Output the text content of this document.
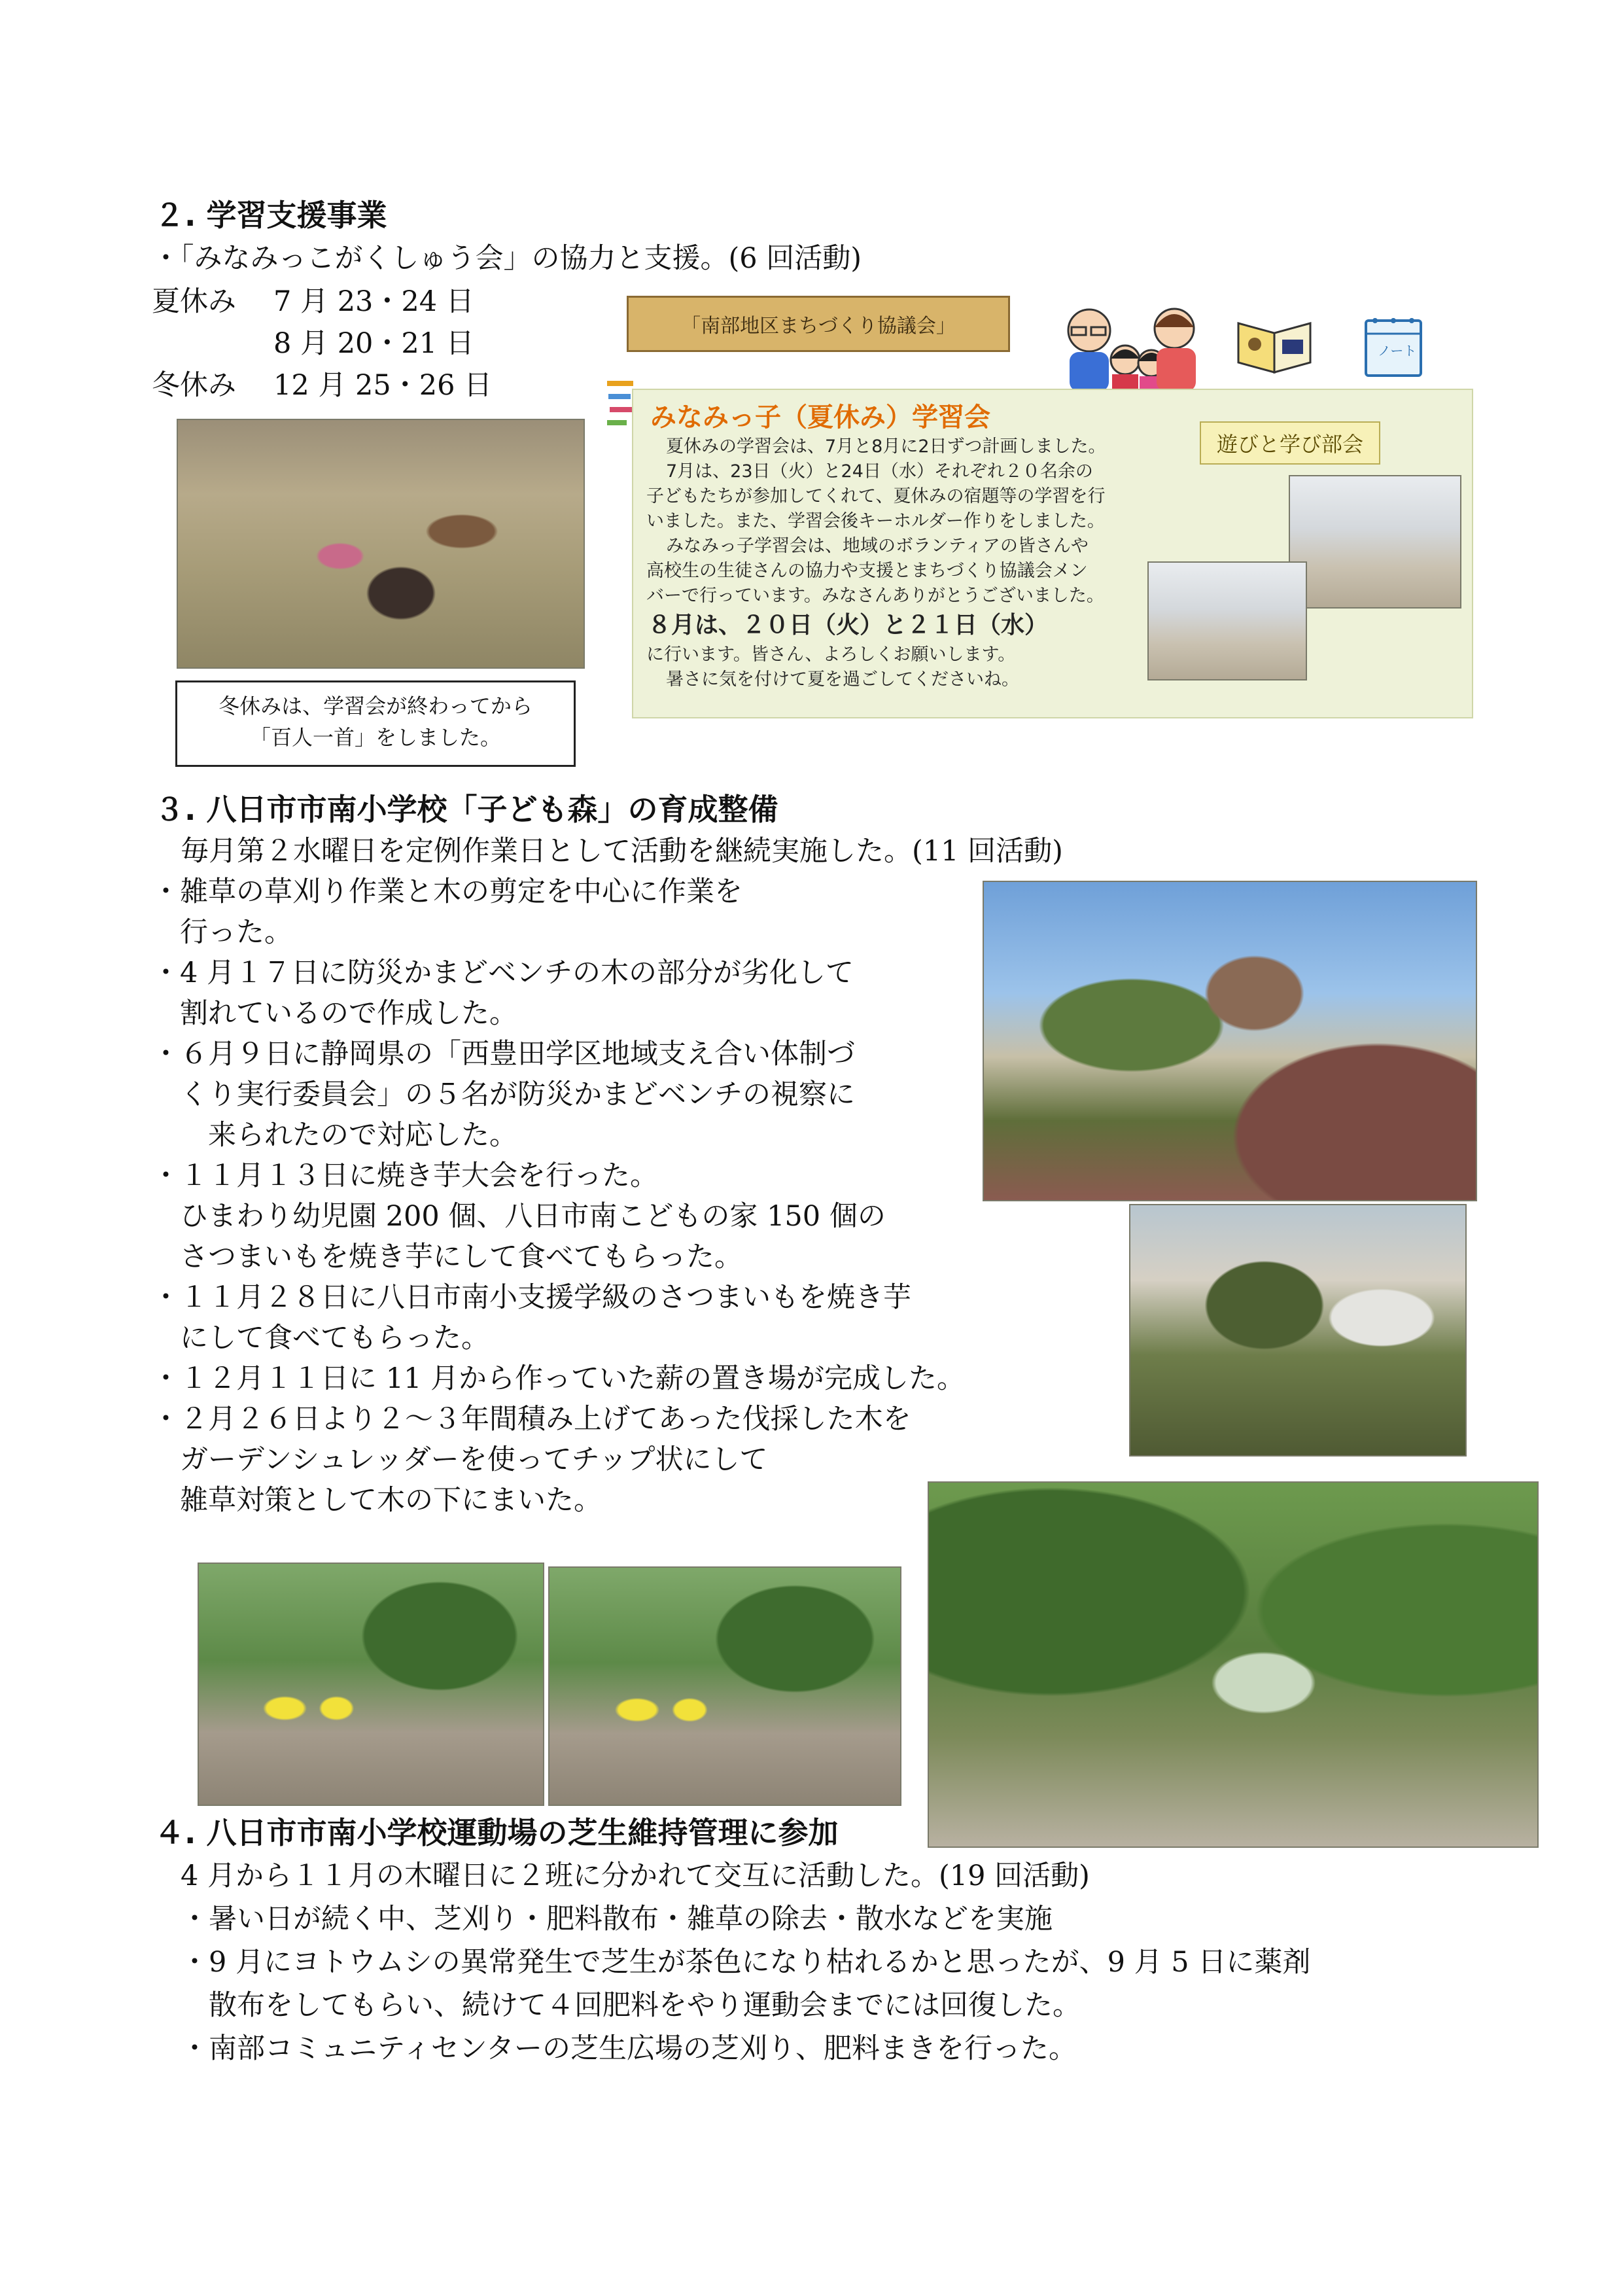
２. 学習支援事業
・「みなみっこがくしゅう会」の協力と支援。(6 回活動)
夏休み 7 月 23・24 日
8 月 20・21 日
冬休み 12 月 25・26 日
冬休みは、学習会が終わってから
「百人一首」をしました。
「南部地区まちづくり協議会」
ノート
みなみっ子（夏休み）学習会
夏休みの学習会は、7月と8月に2日ずつ計画しました。
7月は、23日（火）と24日（水）それぞれ２０名余の
子どもたちが参加してくれて、夏休みの宿題等の学習を行
いました。また、学習会後キーホルダー作りをしました。
みなみっ子学習会は、地域のボランティアの皆さんや
高校生の生徒さんの協力や支援とまちづくり協議会メン
バーで行っています。みなさんありがとうございました。
８月は、２０日（火）と２１日（水）
に行います。皆さん、よろしくお願いします。
暑さに気を付けて夏を過ごしてくださいね。
遊びと学び部会
３. 八日市市南小学校「子ども森」の育成整備
毎月第２水曜日を定例作業日として活動を継続実施した。(11 回活動)
・雑草の草刈り作業と木の剪定を中心に作業を
　行った。
・4 月１７日に防災かまどベンチの木の部分が劣化して
　割れているので作成した。
・６月９日に静岡県の「西豊田学区地域支え合い体制づ
　くり実行委員会」の５名が防災かまどベンチの視察に
　　来られたので対応した。
・１１月１３日に焼き芋大会を行った。
　ひまわり幼児園 200 個、八日市南こどもの家 150 個の
　さつまいもを焼き芋にして食べてもらった。
・１１月２８日に八日市南小支援学級のさつまいもを焼き芋
　にして食べてもらった。
・１２月１１日に 11 月から作っていた薪の置き場が完成した。
・２月２６日より２～３年間積み上げてあった伐採した木を
　ガーデンシュレッダーを使ってチップ状にして
　雑草対策として木の下にまいた。
４. 八日市市南小学校運動場の芝生維持管理に参加
4 月から１１月の木曜日に２班に分かれて交互に活動した。(19 回活動)
・暑い日が続く中、芝刈り・肥料散布・雑草の除去・散水などを実施
・9 月にヨトウムシの異常発生で芝生が茶色になり枯れるかと思ったが、9 月 5 日に薬剤
　散布をしてもらい、続けて４回肥料をやり運動会までには回復した。
・南部コミュニティセンターの芝生広場の芝刈り、肥料まきを行った。
